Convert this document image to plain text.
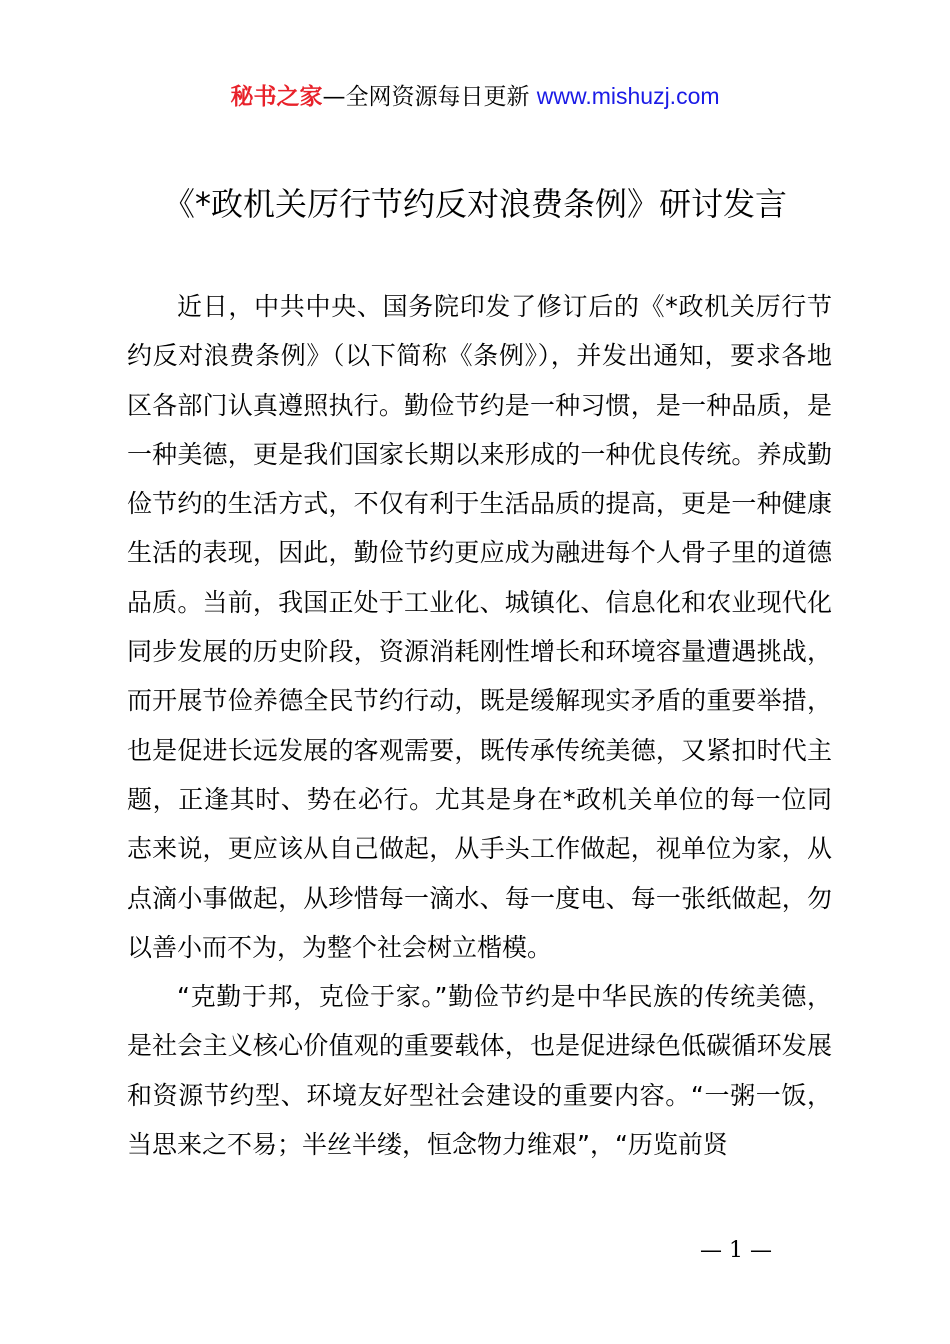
秘书之家—全网资源每日更新 www.mishuzj.com
《*政机关厉行节约反对浪费条例》研讨发言

近日，中共中央、国务院印发了修订后的《*政机关厉行节约反对浪费条例》（以下简称《条例》），并发出通知，要求各地区各部门认真遵照执行。勤俭节约是一种习惯，是一种品质，是一种美德，更是我们国家长期以来形成的一种优良传统。养成勤俭节约的生活方式，不仅有利于生活品质的提高，更是一种健康生活的表现，因此，勤俭节约更应成为融进每个人骨子里的道德品质。当前，我国正处于工业化、城镇化、信息化和农业现代化同步发展的历史阶段，资源消耗刚性增长和环境容量遭遇挑战，而开展节俭养德全民节约行动，既是缓解现实矛盾的重要举措，也是促进长远发展的客观需要，既传承传统美德，又紧扣时代主题，正逢其时、势在必行。尤其是身在*政机关单位的每一位同志来说，更应该从自己做起，从手头工作做起，视单位为家，从点滴小事做起，从珍惜每一滴水、每一度电、每一张纸做起，勿以善小而不为，为整个社会树立楷模。

“克勤于邦，克俭于家。”勤俭节约是中华民族的传统美德，是社会主义核心价值观的重要载体，也是促进绿色低碳循环发展和资源节约型、环境友好型社会建设的重要内容。“一粥一饭，当思来之不易；半丝半缕，恒念物力维艰”，“历览前贤

— 1 —
